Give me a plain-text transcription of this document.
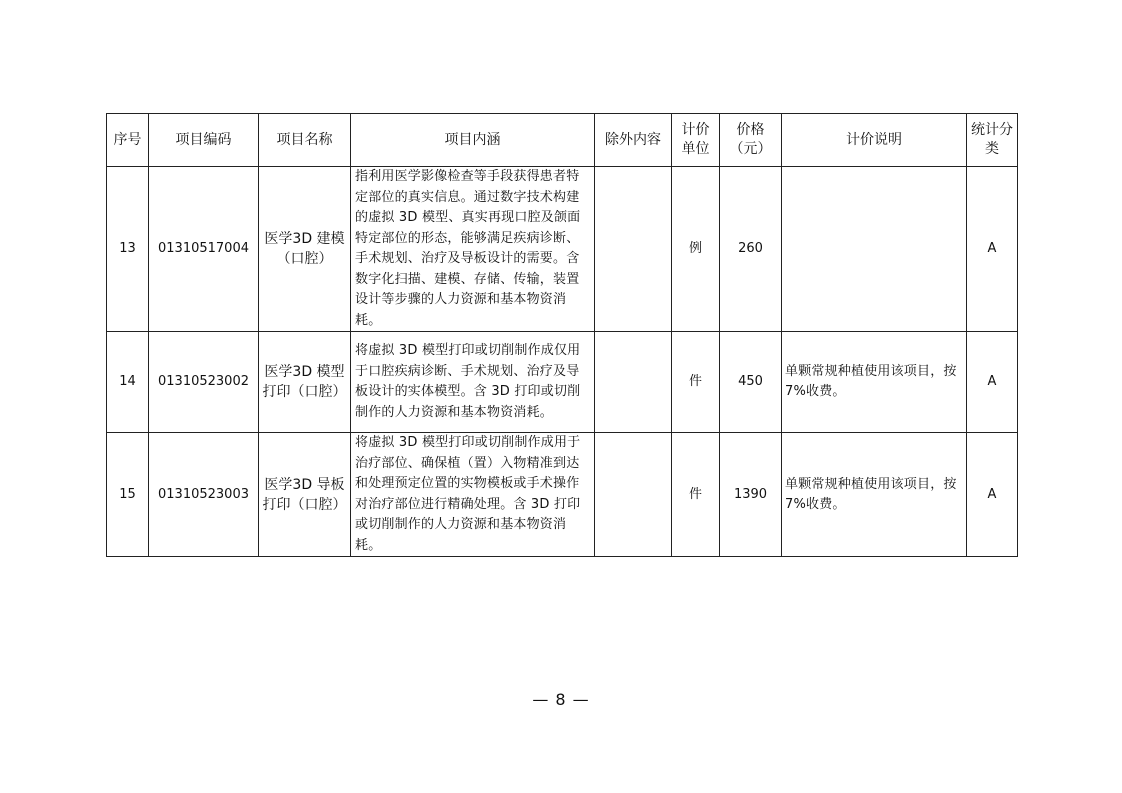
序号	项目编码	项目名称	项目内涵	除外内容	计价单位	价格（元）	计价说明	统计分类
13	01310517004	医学3D 建模（口腔）	指利用医学影像检查等手段获得患者特定部位的真实信息。通过数字技术构建的虚拟 3D 模型、真实再现口腔及颌面特定部位的形态，能够满足疾病诊断、手术规划、治疗及导板设计的需要。含数字化扫描、建模、存储、传输，装置设计等步骤的人力资源和基本物资消耗。		例	260		A
14	01310523002	医学3D 模型打印（口腔）	将虚拟 3D 模型打印或切削制作成仅用于口腔疾病诊断、手术规划、治疗及导板设计的实体模型。含 3D 打印或切削制作的人力资源和基本物资消耗。		件	450	单颗常规种植使用该项目，按 7%收费。	A
15	01310523003	医学3D 导板打印（口腔）	将虚拟 3D 模型打印或切削制作成用于治疗部位、确保植（置）入物精准到达和处理预定位置的实物模板或手术操作对治疗部位进行精确处理。含 3D 打印或切削制作的人力资源和基本物资消耗。		件	1390	单颗常规种植使用该项目，按 7%收费。	A
— 8 —
